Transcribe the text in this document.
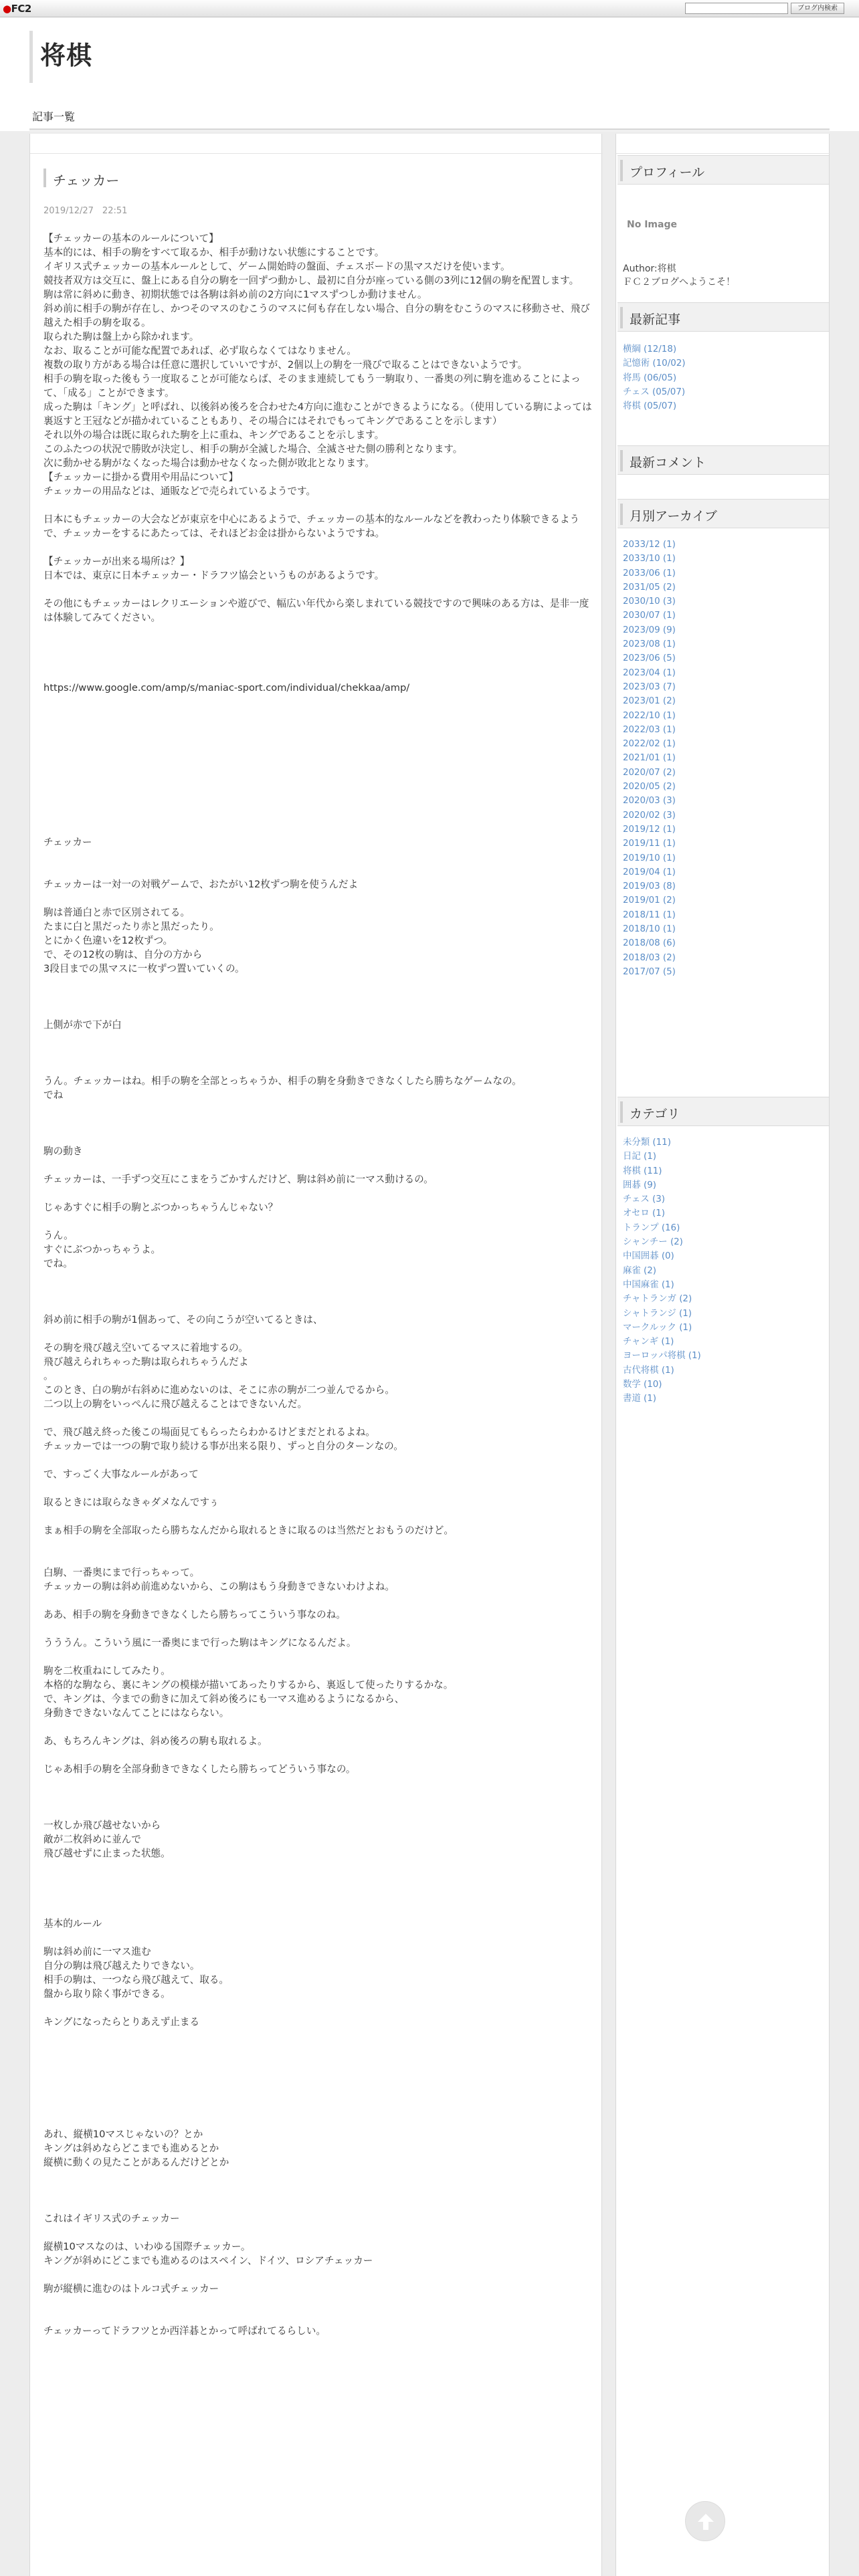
●FC2	ブログ内検索
将棋
記事一覧
チェッカー
2019/12/27　22:51

【チェッカーの基本のルールについて】

基本的には、相手の駒をすべて取るか、相手が動けない状態にすることです。

イギリス式チェッカーの基本ルールとして、ゲーム開始時の盤面、チェスボードの黒マスだけを使います。

競技者双方は交互に、盤上にある自分の駒を一回ずつ動かし、最初に自分が座っている側の3列に12個の駒を配置します。

駒は常に斜めに動き、初期状態では各駒は斜め前の2方向に1マスずつしか動けません。

斜め前に相手の駒が存在し、かつそのマスのむこうのマスに何も存在しない場合、自分の駒をむこうのマスに移動させ、飛び越えた相手の駒を取る。

取られた駒は盤上から除かれます。

なお、取ることが可能な配置であれば、必ず取らなくてはなりません。

複数の取り方がある場合は任意に選択していいですが、2個以上の駒を一飛びで取ることはできないようです。

相手の駒を取った後もう一度取ることが可能ならば、そのまま連続してもう一駒取り、一番奥の列に駒を進めることによって、「成る」ことができます。

成った駒は「キング」と呼ばれ、以後斜め後ろを合わせた4方向に進むことができるようになる。（使用している駒によっては裏返すと王冠などが描かれていることもあり、その場合にはそれでもってキングであることを示します）

それ以外の場合は既に取られた駒を上に重ね、キングであることを示します。

このふたつの状況で勝敗が決定し、相手の駒が全滅した場合、全滅させた側の勝利となります。

次に動かせる駒がなくなった場合は動かせなくなった側が敗北となります。

【チェッカーに掛かる費用や用品について】

チェッカーの用品などは、通販などで売られているようです。

日本にもチェッカーの大会などが東京を中心にあるようで、チェッカーの基本的なルールなどを教わったり体験できるようで、チェッカーをするにあたっては、それほどお金は掛からないようですね。

【チェッカーが出来る場所は？】

日本では、東京に日本チェッカー・ドラフツ協会というものがあるようです。

その他にもチェッカーはレクリエーションや遊びで、幅広い年代から楽しまれている競技ですので興味のある方は、是非一度は体験してみてください。

https://www.google.com/amp/s/maniac-sport.com/individual/chekkaa/amp/

チェッカー

チェッカーは一対一の対戦ゲームで、おたがい12枚ずつ駒を使うんだよ

駒は普通白と赤で区別されてる。

たまに白と黒だったり赤と黒だったり。

とにかく色違いを12枚ずつ。

で、その12枚の駒は、自分の方から

3段目までの黒マスに一枚ずつ置いていくの。

上側が赤で下が白

うん。チェッカーはね。相手の駒を全部とっちゃうか、相手の駒を身動きできなくしたら勝ちなゲームなの。

でね

駒の動き

チェッカーは、一手ずつ交互にこまをうごかすんだけど、駒は斜め前に一マス動けるの。

じゃあすぐに相手の駒とぶつかっちゃうんじゃない？

うん。

すぐにぶつかっちゃうよ。

でね。

斜め前に相手の駒が1個あって、その向こうが空いてるときは、

その駒を飛び越え空いてるマスに着地するの。

飛び越えられちゃった駒は取られちゃうんだよ

。

このとき、白の駒が右斜めに進めないのは、そこに赤の駒が二つ並んでるから。

二つ以上の駒をいっぺんに飛び越えることはできないんだ。

で、飛び越え終った後この場面見てもらったらわかるけどまだとれるよね。

チェッカーでは一つの駒で取り続ける事が出来る限り、ずっと自分のターンなの。

で、すっごく大事なルールがあって

取るときには取らなきゃダメなんですぅ

まぁ相手の駒を全部取ったら勝ちなんだから取れるときに取るのは当然だとおもうのだけど。

白駒、一番奥にまで行っちゃって。

チェッカーの駒は斜め前進めないから、この駒はもう身動きできないわけよね。

ああ、相手の駒を身動きできなくしたら勝ちってこういう事なのね。

うううん。こういう風に一番奥にまで行った駒はキングになるんだよ。

駒を二枚重ねにしてみたり。

本格的な駒なら、裏にキングの模様が描いてあったりするから、裏返して使ったりするかな。

で、キングは、今までの動きに加えて斜め後ろにも一マス進めるようになるから、

身動きできないなんてことにはならない。

あ、もちろんキングは、斜め後ろの駒も取れるよ。

じゃあ相手の駒を全部身動きできなくしたら勝ちってどういう事なの。

一枚しか飛び越せないから

敵が二枚斜めに並んで

飛び越せずに止まった状態。

基本的ルール

駒は斜め前に一マス進む

自分の駒は飛び越えたりできない。

相手の駒は、一つなら飛び越えて、取る。

盤から取り除く事ができる。

キングになったらとりあえず止まる

あれ、縦横10マスじゃないの？とか

キングは斜めならどこまでも進めるとか

縦横に動くの見たことがあるんだけどとか

これはイギリス式のチェッカー

縦横10マスなのは、いわゆる国際チェッカー。

キングが斜めにどこまでも進めるのはスペイン、ドイツ、ロシアチェッカー

駒が縦横に進むのはトルコ式チェッカー

チェッカーってドラフツとか西洋碁とかって呼ばれてるらしい。

プロフィール
No Image
Author:将棋
ＦＣ２ブログへようこそ！
最新記事
横綱 (12/18)
記憶術 (10/02)
将馬 (06/05)
チェス (05/07)
将棋 (05/07)
最新コメント
月別アーカイブ
2033/12 (1)
2033/10 (1)
2033/06 (1)
2031/05 (2)
2030/10 (3)
2030/07 (1)
2023/09 (9)
2023/08 (1)
2023/06 (5)
2023/04 (1)
2023/03 (7)
2023/01 (2)
2022/10 (1)
2022/03 (1)
2022/02 (1)
2021/01 (1)
2020/07 (2)
2020/05 (2)
2020/03 (3)
2020/02 (3)
2019/12 (1)
2019/11 (1)
2019/10 (1)
2019/04 (1)
2019/03 (8)
2019/01 (2)
2018/11 (1)
2018/10 (1)
2018/08 (6)
2018/03 (2)
2017/07 (5)
カテゴリ
未分類 (11)
日記 (1)
将棋 (11)
囲碁 (9)
チェス (3)
オセロ (1)
トランプ (16)
シャンチー (2)
中国囲碁 (0)
麻雀 (2)
中国麻雀 (1)
チャトランガ (2)
シャトランジ (1)
マークルック (1)
チャンギ (1)
ヨーロッパ将棋 (1)
古代将棋 (1)
数学 (10)
書道 (1)
